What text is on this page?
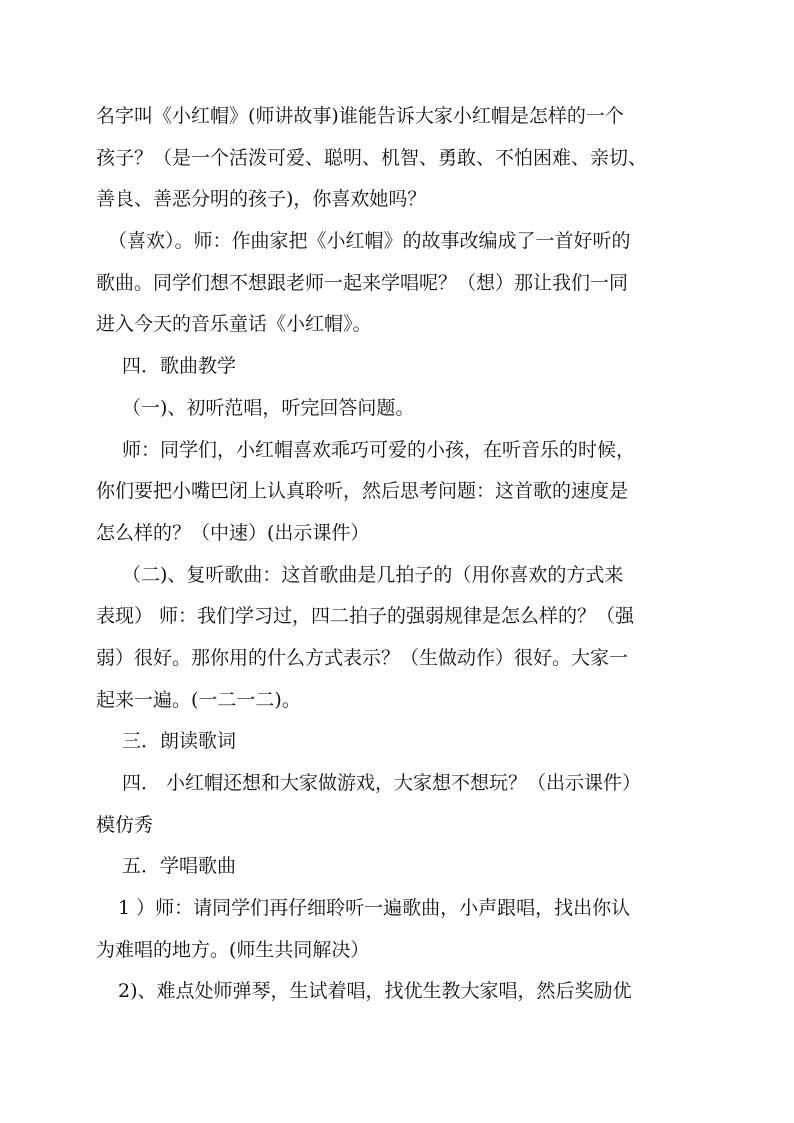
名字叫《小红帽》(师讲故事)谁能告诉大家小红帽是怎样的一个
孩子？（是一个活泼可爱、聪明、机智、勇敢、不怕困难、亲切、
善良、善恶分明的孩子)，你喜欢她吗？
（喜欢）。师：作曲家把《小红帽》的故事改编成了一首好听的
歌曲。同学们想不想跟老师一起来学唱呢？（想）那让我们一同
进入今天的音乐童话《小红帽》。
四．歌曲教学
（一)、初听范唱，听完回答问题。
师：同学们，小红帽喜欢乖巧可爱的小孩，在听音乐的时候，
你们要把小嘴巴闭上认真聆听，然后思考问题：这首歌的速度是
怎么样的？（中速）(出示课件）
（二)、复听歌曲：这首歌曲是几拍子的（用你喜欢的方式来
表现） 师：我们学习过，四二拍子的强弱规律是怎么样的？（强
弱）很好。那你用的什么方式表示？（生做动作）很好。大家一
起来一遍。(一二一二)。
三．朗读歌词
四． 小红帽还想和大家做游戏，大家想不想玩？（出示课件）
模仿秀
五．学唱歌曲
1 ）师：请同学们再仔细聆听一遍歌曲，小声跟唱，找出你认
为难唱的地方。(师生共同解决）
2)、难点处师弹琴，生试着唱，找优生教大家唱，然后奖励优
